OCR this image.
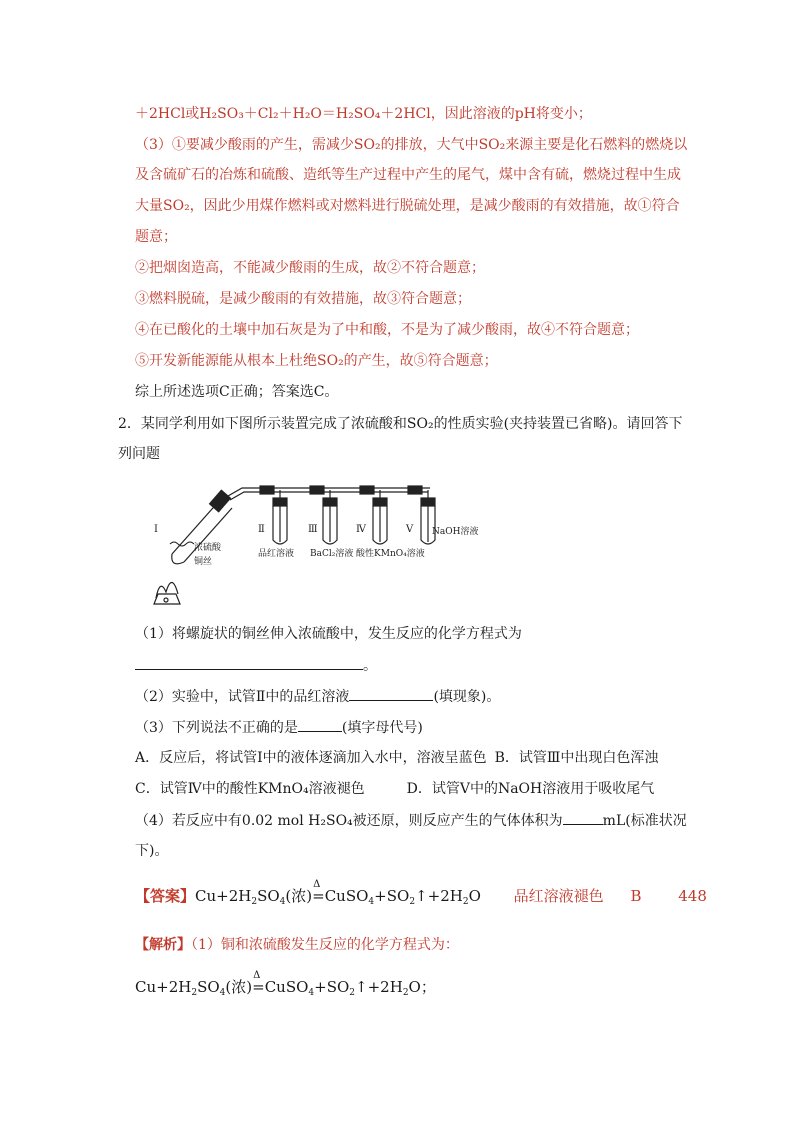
＋2HCl或H₂SO₃＋Cl₂＋H₂O＝H₂SO₄＋2HCl，因此溶液的pH将变小；
（3）①要减少酸雨的产生，需减少SO₂的排放，大气中SO₂来源主要是化石燃料的燃烧以
及含硫矿石的冶炼和硫酸、造纸等生产过程中产生的尾气，煤中含有硫，燃烧过程中生成
大量SO₂，因此少用煤作燃料或对燃料进行脱硫处理，是减少酸雨的有效措施，故①符合
题意；
②把烟囱造高，不能减少酸雨的生成，故②不符合题意；
③燃料脱硫，是减少酸雨的有效措施，故③符合题意；
④在已酸化的土壤中加石灰是为了中和酸，不是为了减少酸雨，故④不符合题意；
⑤开发新能源能从根本上杜绝SO₂的产生，故⑤符合题意；
综上所述选项C正确；答案选C。
2．某同学利用如下图所示装置完成了浓硫酸和SO₂的性质实验(夹持装置已省略)。请回答下
列问题
Ⅰ	Ⅱ	Ⅲ	Ⅳ	Ⅴ
浓硫酸
铜丝
品红溶液 BaCl₂溶液 酸性KMnO₄溶液
NaOH溶液
（1）将螺旋状的铜丝伸入浓硫酸中，发生反应的化学方程式为
。
（2）实验中，试管Ⅱ中的品红溶液	(填现象)。
（3）下列说法不正确的是	(填字母代号)
A．反应后，将试管Ⅰ中的液体逐滴加入水中，溶液呈蓝色 B．试管Ⅲ中出现白色浑浊
C．试管Ⅳ中的酸性KMnO₄溶液褪色	D．试管Ⅴ中的NaOH溶液用于吸收尾气
（4）若反应中有0.02 mol H₂SO₄被还原，则反应产生的气体体积为	mL(标准状况
下)。
【答案】$Cu+2H_2SO_4$(浓)
Δ
$=CuSO_4+SO_2↑+2H_2O$ 品红溶液褪色 B 448
【解析】（1）铜和浓硫酸发生反应的化学方程式为：
$Cu+2H_2SO_4$(浓)
Δ
$=CuSO_4+SO_2↑+2H_2O$；
